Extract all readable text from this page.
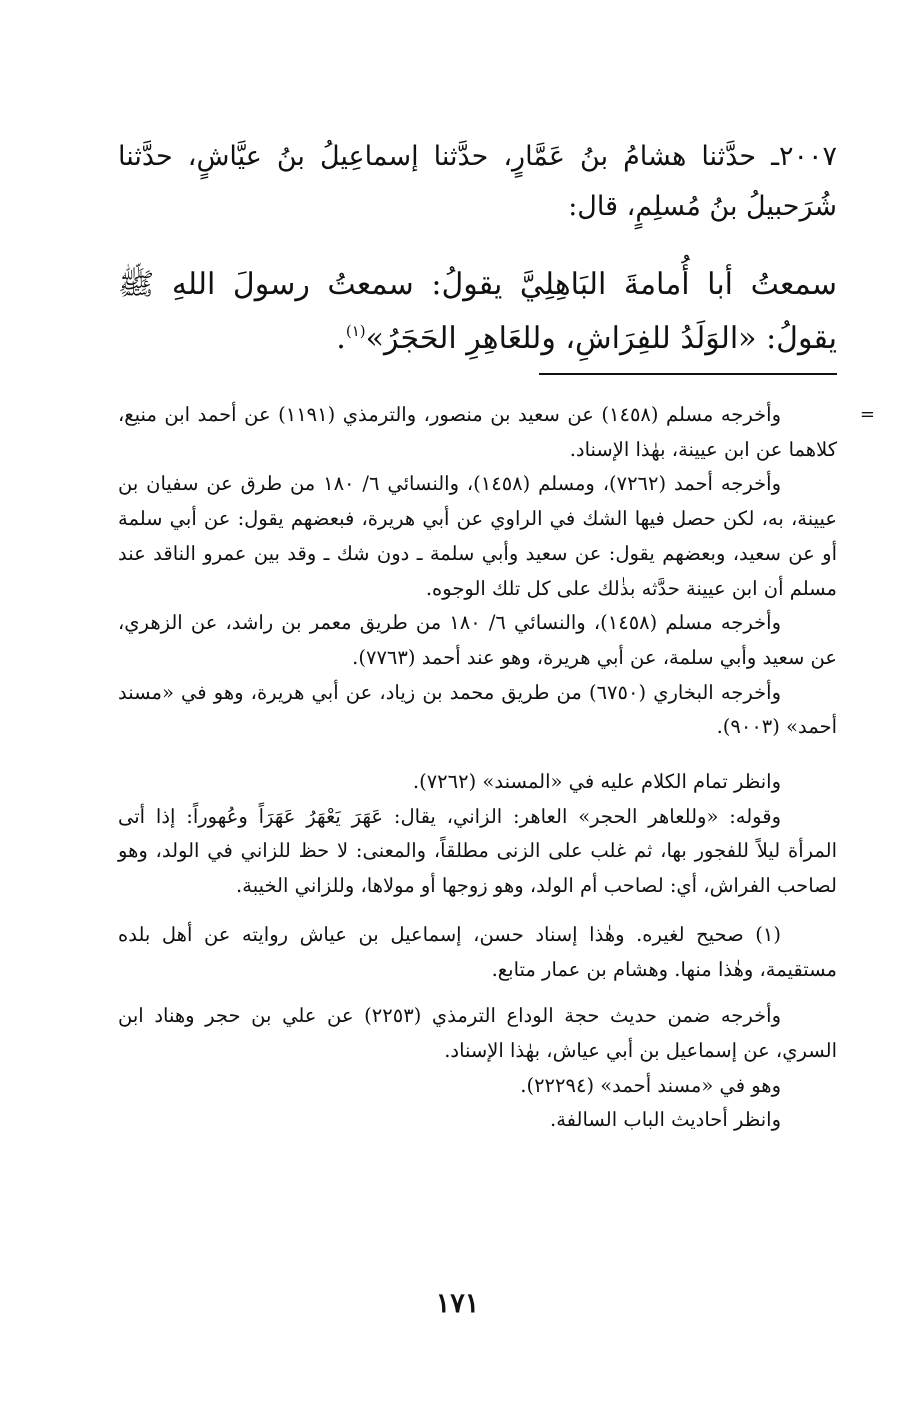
٢٠٠٧ـ حدَّثنا هشامُ بنُ عَمَّارٍ، حدَّثنا إسماعِيلُ بنُ عيَّاشٍ، حدَّثنا شُرَحبيلُ بنُ مُسلِمٍ، قال:

سمعتُ أبا أُمامةَ البَاهِلِيَّ يقولُ: سمعتُ رسولَ اللهِ ﷺ يقولُ: «الوَلَدُ للفِرَاشِ، وللعَاهِرِ الحَجَرُ»$^{(١)}$.

=

وأخرجه مسلم (١٤٥٨) عن سعيد بن منصور، والترمذي (١١٩١) عن أحمد ابن منيع، كلاهما عن ابن عيينة، بهٰذا الإسناد.

وأخرجه أحمد (٧٢٦٢)، ومسلم (١٤٥٨)، والنسائي ٦/ ١٨٠ من طرق عن سفيان بن عيينة، به، لكن حصل فيها الشك في الراوي عن أبي هريرة، فبعضهم يقول: عن أبي سلمة أو عن سعيد، وبعضهم يقول: عن سعيد وأبي سلمة ـ دون شك ـ وقد بين عمرو الناقد عند مسلم أن ابن عيينة حدَّثه بذٰلك على كل تلك الوجوه.

وأخرجه مسلم (١٤٥٨)، والنسائي ٦/ ١٨٠ من طريق معمر بن راشد، عن الزهري، عن سعيد وأبي سلمة، عن أبي هريرة، وهو عند أحمد (٧٧٦٣).

وأخرجه البخاري (٦٧٥٠) من طريق محمد بن زياد، عن أبي هريرة، وهو في «مسند أحمد» (٩٠٠٣).

وانظر تمام الكلام عليه في «المسند» (٧٢٦٢).

وقوله: «وللعاهر الحجر» العاهر: الزاني، يقال: عَهَرَ يَعْهَرُ عَهَرَاً وعُهوراً: إذا أتى المرأة ليلاً للفجور بها، ثم غلب على الزنى مطلقاً، والمعنى: لا حظ للزاني في الولد، وهو لصاحب الفراش، أي: لصاحب أم الولد، وهو زوجها أو مولاها، وللزاني الخيبة.

(١) صحيح لغيره. وهٰذا إسناد حسن، إسماعيل بن عياش روايته عن أهل بلده مستقيمة، وهٰذا منها. وهشام بن عمار متابع.

وأخرجه ضمن حديث حجة الوداع الترمذي (٢٢٥٣) عن علي بن حجر وهناد ابن السري، عن إسماعيل بن أبي عياش، بهٰذا الإسناد.

وهو في «مسند أحمد» (٢٢٢٩٤).

وانظر أحاديث الباب السالفة.

١٧١
